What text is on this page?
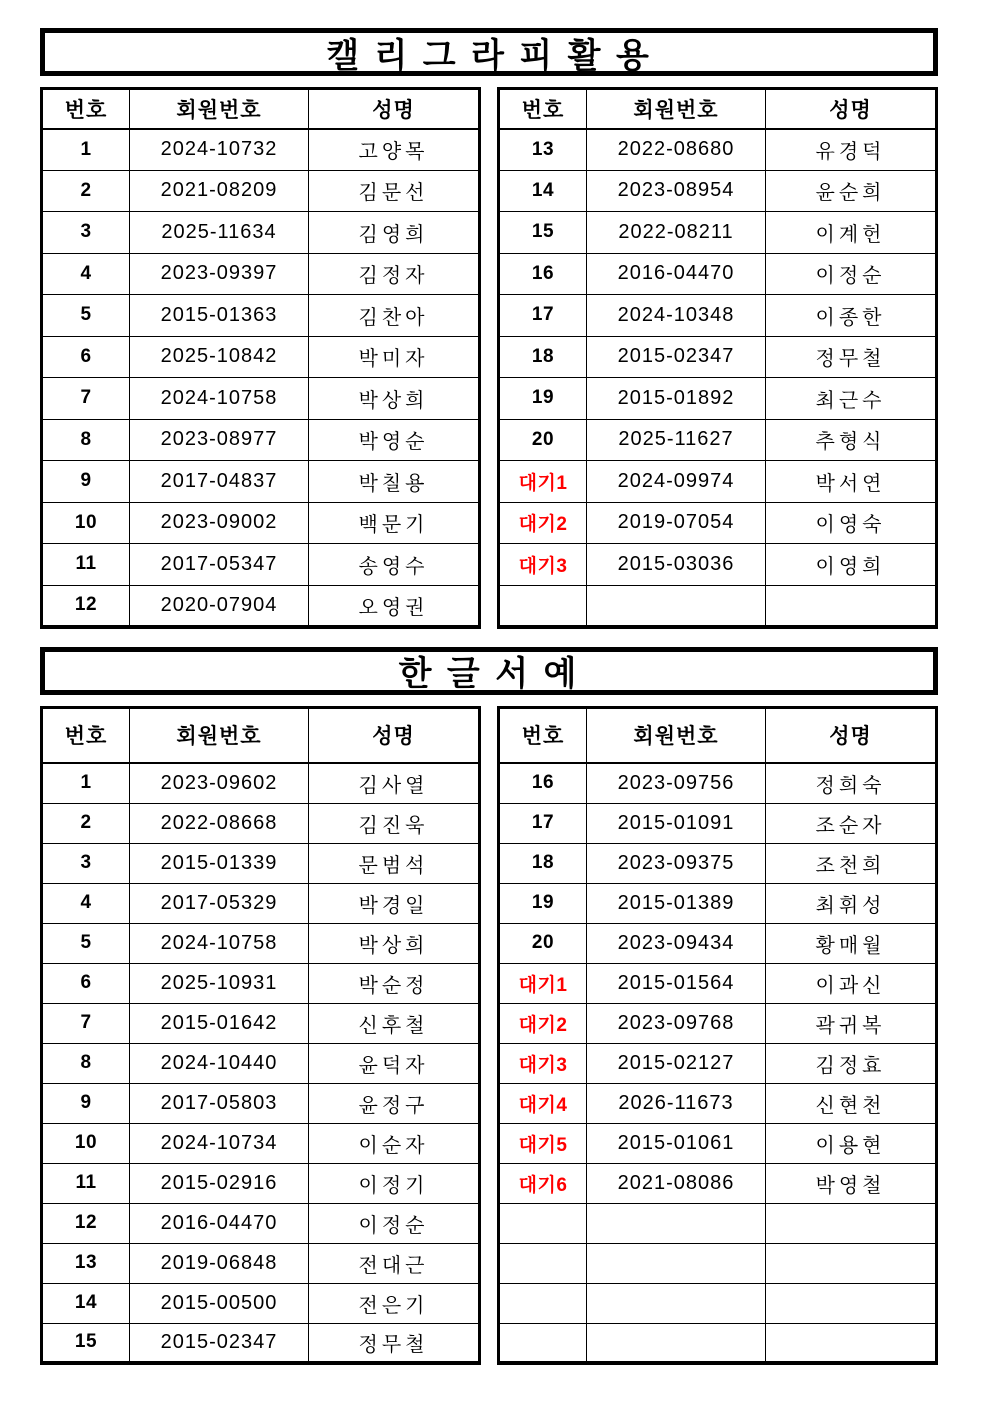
캘 리 그 라 피 활 용
번호	회원번호	성명
1	2024-10732	고양목
2	2021-08209	김문선
3	2025-11634	김영희
4	2023-09397	김정자
5	2015-01363	김찬아
6	2025-10842	박미자
7	2024-10758	박상희
8	2023-08977	박영순
9	2017-04837	박칠용
10	2023-09002	백문기
11	2017-05347	송영수
12	2020-07904	오영권
번호	회원번호	성명
13	2022-08680	유경덕
14	2023-08954	윤순희
15	2022-08211	이계헌
16	2016-04470	이정순
17	2024-10348	이종한
18	2015-02347	정무철
19	2015-01892	최근수
20	2025-11627	추형식
대기1	2024-09974	박서연
대기2	2019-07054	이영숙
대기3	2015-03036	이영희

한 글 서 예
번호	회원번호	성명
1	2023-09602	김사열
2	2022-08668	김진욱
3	2015-01339	문범석
4	2017-05329	박경일
5	2024-10758	박상희
6	2025-10931	박순정
7	2015-01642	신후철
8	2024-10440	윤덕자
9	2017-05803	윤정구
10	2024-10734	이순자
11	2015-02916	이정기
12	2016-04470	이정순
13	2019-06848	전대근
14	2015-00500	전은기
15	2015-02347	정무철
번호	회원번호	성명
16	2023-09756	정희숙
17	2015-01091	조순자
18	2023-09375	조천희
19	2015-01389	최휘성
20	2023-09434	황매월
대기1	2015-01564	이과신
대기2	2023-09768	곽귀복
대기3	2015-02127	김정효
대기4	2026-11673	신현천
대기5	2015-01061	이용현
대기6	2021-08086	박영철
